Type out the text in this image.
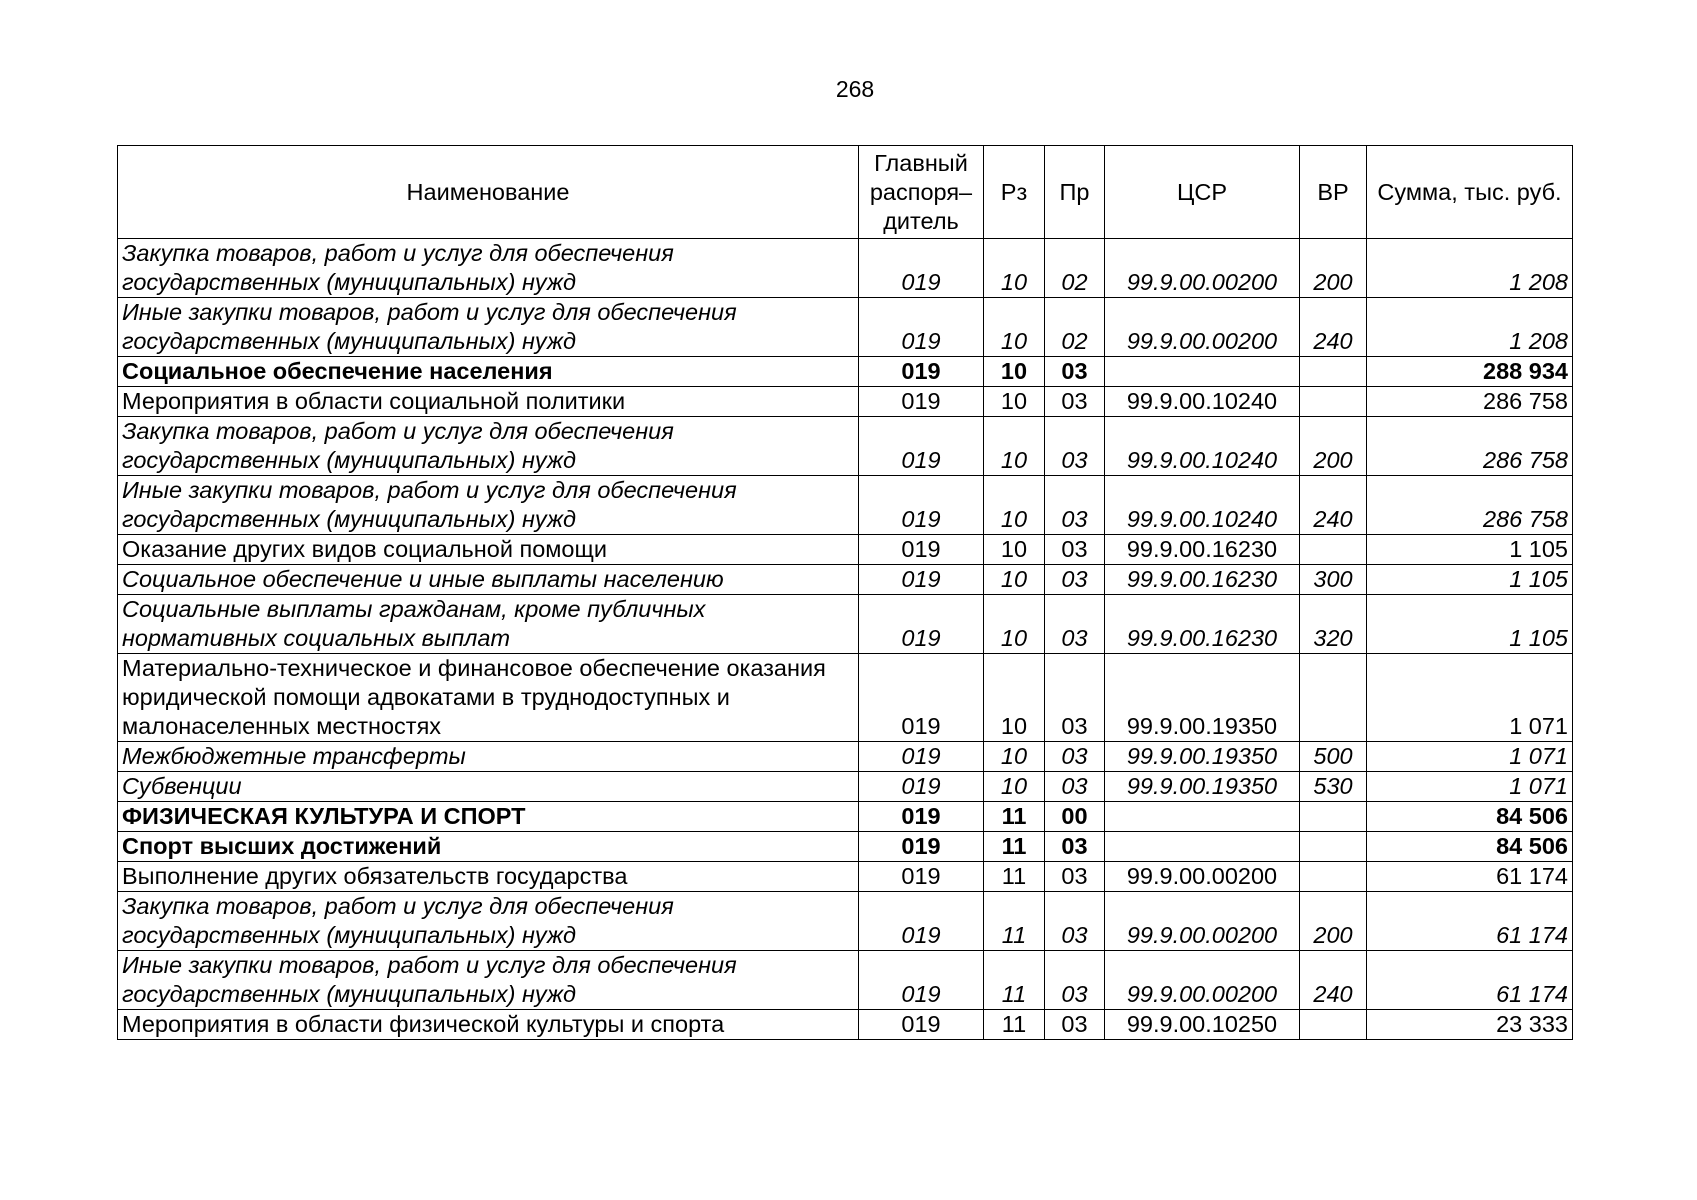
268
Наименование	Главный распоря– дитель	Рз	Пр	ЦСР	ВР	Сумма, тыс. руб.
Закупка товаров, работ и услуг для обеспечения государственных (муниципальных) нужд	019	10	02	99.9.00.00200	200	1 208
Иные закупки товаров, работ и услуг для обеспечения государственных (муниципальных) нужд	019	10	02	99.9.00.00200	240	1 208
Социальное обеспечение населения	019	10	03			288 934
Мероприятия в области социальной политики	019	10	03	99.9.00.10240		286 758
Закупка товаров, работ и услуг для обеспечения государственных (муниципальных) нужд	019	10	03	99.9.00.10240	200	286 758
Иные закупки товаров, работ и услуг для обеспечения государственных (муниципальных) нужд	019	10	03	99.9.00.10240	240	286 758
Оказание других видов социальной помощи	019	10	03	99.9.00.16230		1 105
Социальное обеспечение и иные выплаты населению	019	10	03	99.9.00.16230	300	1 105
Социальные выплаты гражданам, кроме публичных нормативных социальных выплат	019	10	03	99.9.00.16230	320	1 105
Материально-техническое и финансовое обеспечение оказания юридической помощи адвокатами в труднодоступных и малонаселенных местностях	019	10	03	99.9.00.19350		1 071
Межбюджетные трансферты	019	10	03	99.9.00.19350	500	1 071
Субвенции	019	10	03	99.9.00.19350	530	1 071
ФИЗИЧЕСКАЯ КУЛЬТУРА И СПОРТ	019	11	00			84 506
Спорт высших достижений	019	11	03			84 506
Выполнение других обязательств государства	019	11	03	99.9.00.00200		61 174
Закупка товаров, работ и услуг для обеспечения государственных (муниципальных) нужд	019	11	03	99.9.00.00200	200	61 174
Иные закупки товаров, работ и услуг для обеспечения государственных (муниципальных) нужд	019	11	03	99.9.00.00200	240	61 174
Мероприятия в области физической культуры и спорта	019	11	03	99.9.00.10250		23 333
